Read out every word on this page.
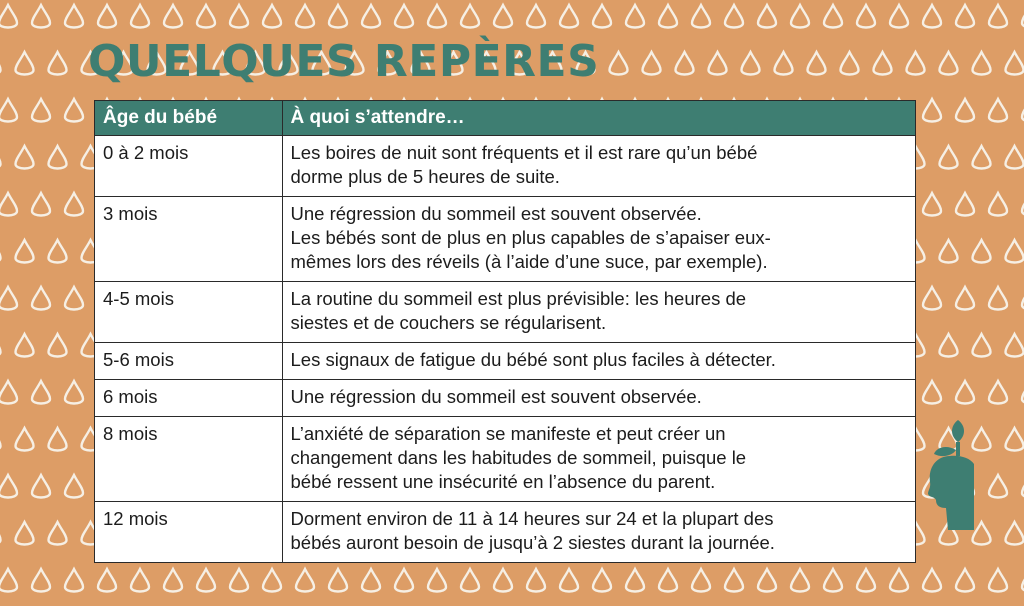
QUELQUES REPÈRES
Âge du bébé	À quoi s’attendre…
0 à 2 mois	Les boires de nuit sont fréquents et il est rare qu’un bébé
dorme plus de 5 heures de suite.

3 mois	Une régression du sommeil est souvent observée.
Les bébés sont de plus en plus capables de s’apaiser eux-
mêmes lors des réveils (à l’aide d’une suce, par exemple).

4-5 mois	La routine du sommeil est plus prévisible: les heures de
siestes et de couchers se régularisent.

5-6 mois	Les signaux de fatigue du bébé sont plus faciles à détecter.

6 mois	Une régression du sommeil est souvent observée.

8 mois	L’anxiété de séparation se manifeste et peut créer un
changement dans les habitudes de sommeil, puisque le
bébé ressent une insécurité en l’absence du parent.

12 mois	Dorment environ de 11 à 14 heures sur 24 et la plupart des
bébés auront besoin de jusqu’à 2 siestes durant la journée.
